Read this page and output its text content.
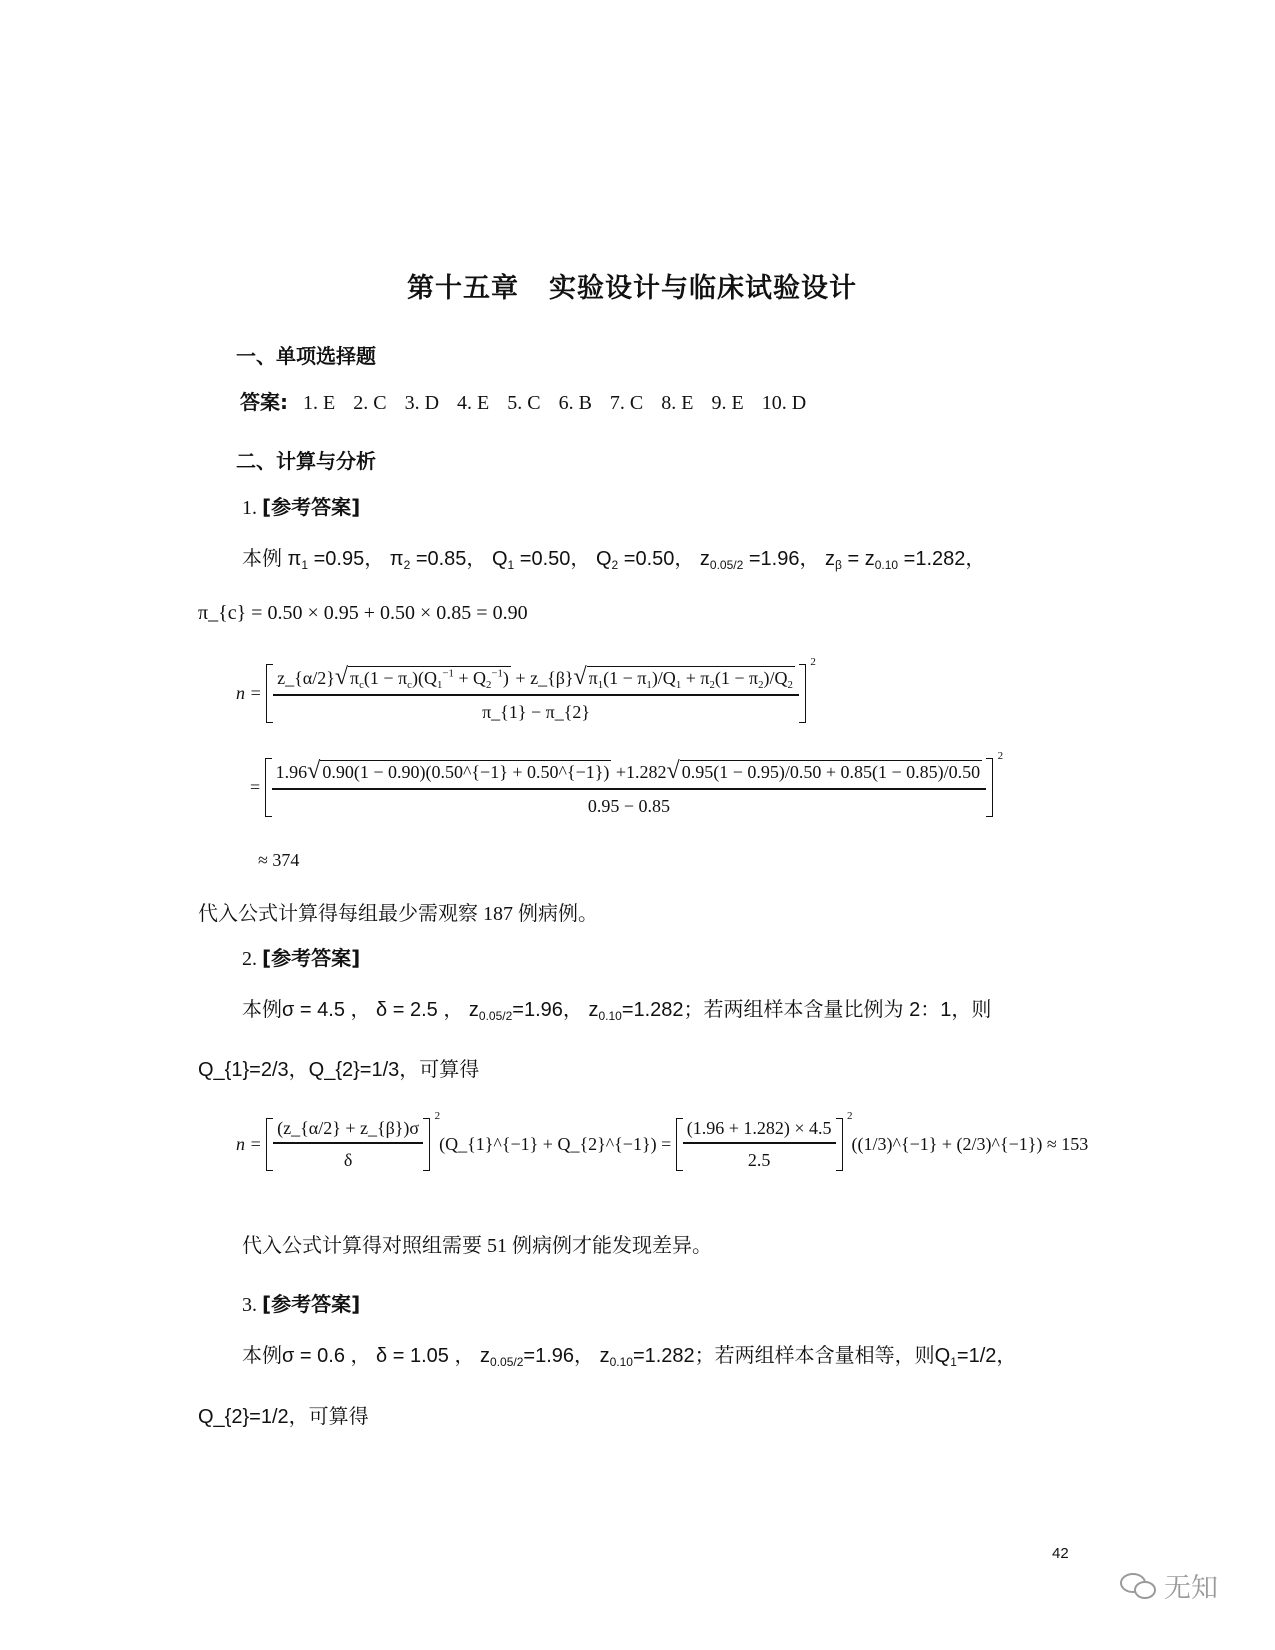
第十五章 实验设计与临床试验设计
一、单项选择题
答案: 1. E 2. C 3. D 4. E 5. C 6. B 7. C 8. E 9. E 10. D
二、计算与分析
1. [参考答案]
本例 $\pi_1 =0.95$， $\pi_2 =0.85$， $Q_1 =0.50$， $Q_2 =0.50$， $z_{0.05/2} =1.96$， $z_\beta = z_{0.10} =1.282$，
π_{c} = 0.50 × 0.95 + 0.50 × 0.85 = 0.90
n =

z_{α/2}√ $\pi_c(1 - \pi_c)(Q_1^{-1} + Q_2^{-1})$ + z_{β}√ $\pi_1(1 - \pi_1)/Q_1 + \pi_2(1 - \pi_2)/Q_2$
π_{1} − π_{2}
2
=

1.96√ 0.90(1 − 0.90)(0.50^{−1} + 0.50^{−1}) +1.282√ 0.95(1 − 0.95)/0.50 + 0.85(1 − 0.85)/0.50
0.95 − 0.85
2
≈ 374
代入公式计算得每组最少需观察 187 例病例。
2. [参考答案]
本例σ = 4.5 ， δ = 2.5 ， $z_{0.05/2}=1.96$， $z_{0.10}=1.282$；若两组样本含量比例为 2：1，则
Q_{1}=2/3，Q_{2}=1/3，可算得
n =
$\frac{(z\_\{\alpha/2\} + z\_\{\beta\})\sigma}{\delta}$
2

(Q_{1}^{−1} + Q_{2}^{−1}) =
$\frac{(1.96 + 1.282) \times 4.5}{2.5}$
2

((1/3)^{−1} + (2/3)^{−1}) ≈ 153
代入公式计算得对照组需要 51 例病例才能发现差异。
3. [参考答案]
本例σ = 0.6 ， δ = 1.05 ， $z_{0.05/2}=1.96$， $z_{0.10}=1.282$；若两组样本含量相等，则$Q_1=1/2$，
Q_{2}=1/2，可算得
42
无知
